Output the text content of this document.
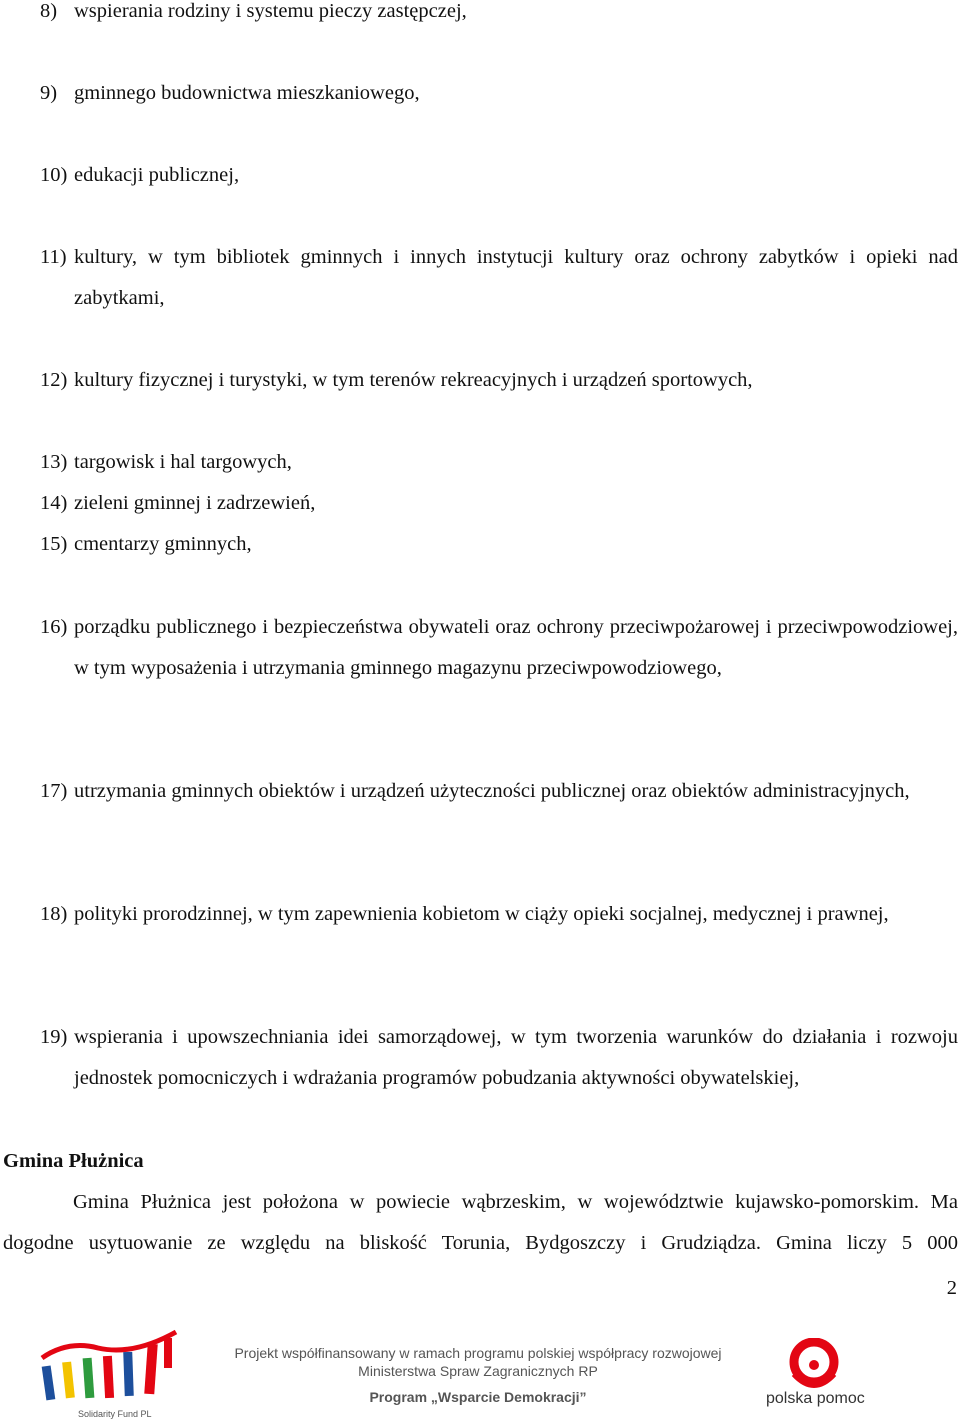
8) wspierania rodziny i systemu pieczy zastępczej,
9) gminnego budownictwa mieszkaniowego,
10) edukacji publicznej,
11) kultury, w tym bibliotek gminnych i innych instytucji kultury oraz ochrony zabytków i opieki nad zabytkami,
12) kultury fizycznej i turystyki, w tym terenów rekreacyjnych i urządzeń sportowych,
13) targowisk i hal targowych,
14) zieleni gminnej i zadrzewień,
15) cmentarzy gminnych,
16) porządku publicznego i bezpieczeństwa obywateli oraz ochrony przeciwpożarowej i przeciwpowodziowej, w tym wyposażenia i utrzymania gminnego magazynu przeciwpowodziowego,
17) utrzymania gminnych obiektów i urządzeń użyteczności publicznej oraz obiektów administracyjnych,
18) polityki prorodzinnej, w tym zapewnienia kobietom w ciąży opieki socjalnej, medycznej i prawnej,
19) wspierania i upowszechniania idei samorządowej, w tym tworzenia warunków do działania i rozwoju jednostek pomocniczych i wdrażania programów pobudzania aktywności obywatelskiej,
Gmina Płużnica
Gmina Płużnica jest położona w powiecie wąbrzeskim, w województwie kujawsko-pomorskim. Ma dogodne usytuowanie ze względu na bliskość Torunia, Bydgoszczy i Grudziądza. Gmina liczy 5 000
2
Solidarity Fund PL
Projekt współfinansowany w ramach programu polskiej współpracy rozwojowej
Ministerstwa Spraw Zagranicznych RP
Program „Wsparcie Demokracji”	polska pomoc
